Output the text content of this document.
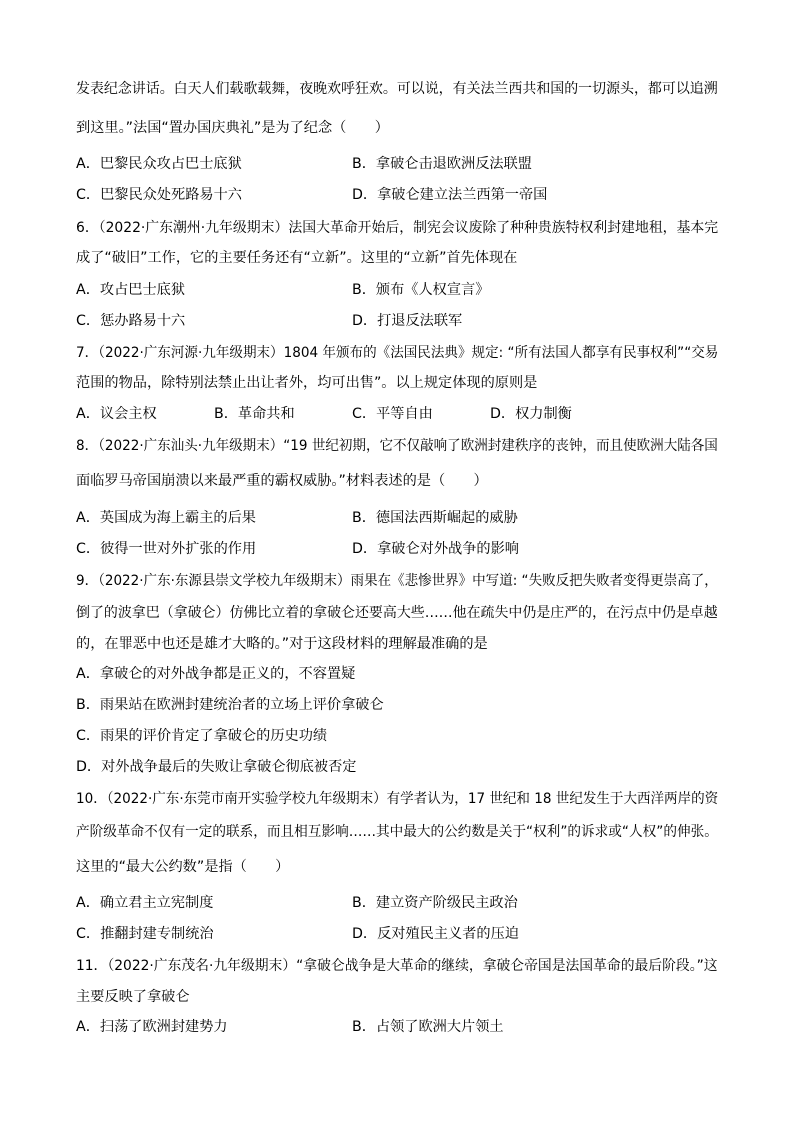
发表纪念讲话。白天人们载歌载舞，夜晚欢呼狂欢。可以说，有关法兰西共和国的一切源头，都可以追溯
到这里。”法国“置办国庆典礼”是为了纪念（　　）
A．巴黎民众攻占巴士底狱	B．拿破仑击退欧洲反法联盟
C．巴黎民众处死路易十六	D．拿破仑建立法兰西第一帝国
6．（2022·广东潮州·九年级期末）法国大革命开始后，制宪会议废除了种种贵族特权利封建地租，基本完
成了“破旧”工作，它的主要任务还有“立新”。这里的“立新”首先体现在
A．攻占巴士底狱	B．颁布《人权宣言》
C．惩办路易十六	D．打退反法联军
7．（2022·广东河源·九年级期末）1804 年颁布的《法国民法典》规定: “所有法国人都享有民事权利”“交易
范围的物品，除特别法禁止出让者外，均可出售”。以上规定体现的原则是
A．议会主权	B．革命共和	C．平等自由	D．权力制衡
8．（2022·广东汕头·九年级期末）“19 世纪初期，它不仅敲响了欧洲封建秩序的丧钟，而且使欧洲大陆各国
面临罗马帝国崩溃以来最严重的霸权威胁。”材料表述的是（　　）
A．英国成为海上霸主的后果	B．德国法西斯崛起的威胁
C．彼得一世对外扩张的作用	D．拿破仑对外战争的影响
9．（2022·广东·东源县崇文学校九年级期末）雨果在《悲惨世界》中写道: “失败反把失败者变得更崇高了，
倒了的波拿巴（拿破仑）仿佛比立着的拿破仑还要高大些……他在疏失中仍是庄严的，在污点中仍是卓越
的，在罪恶中也还是雄才大略的。”对于这段材料的理解最准确的是
A．拿破仑的对外战争都是正义的，不容置疑
B．雨果站在欧洲封建统治者的立场上评价拿破仑
C．雨果的评价肯定了拿破仑的历史功绩
D．对外战争最后的失败让拿破仑彻底被否定
10．（2022·广东·东莞市南开实验学校九年级期末）有学者认为，17 世纪和 18 世纪发生于大西洋两岸的资
产阶级革命不仅有一定的联系，而且相互影响……其中最大的公约数是关于“权利”的诉求或“人权”的伸张。
这里的“最大公约数”是指（　　）
A．确立君主立宪制度	B．建立资产阶级民主政治
C．推翻封建专制统治	D．反对殖民主义者的压迫
11．（2022·广东茂名·九年级期末）“拿破仑战争是大革命的继续，拿破仑帝国是法国革命的最后阶段。”这
主要反映了拿破仑
A．扫荡了欧洲封建势力	B．占领了欧洲大片领土
